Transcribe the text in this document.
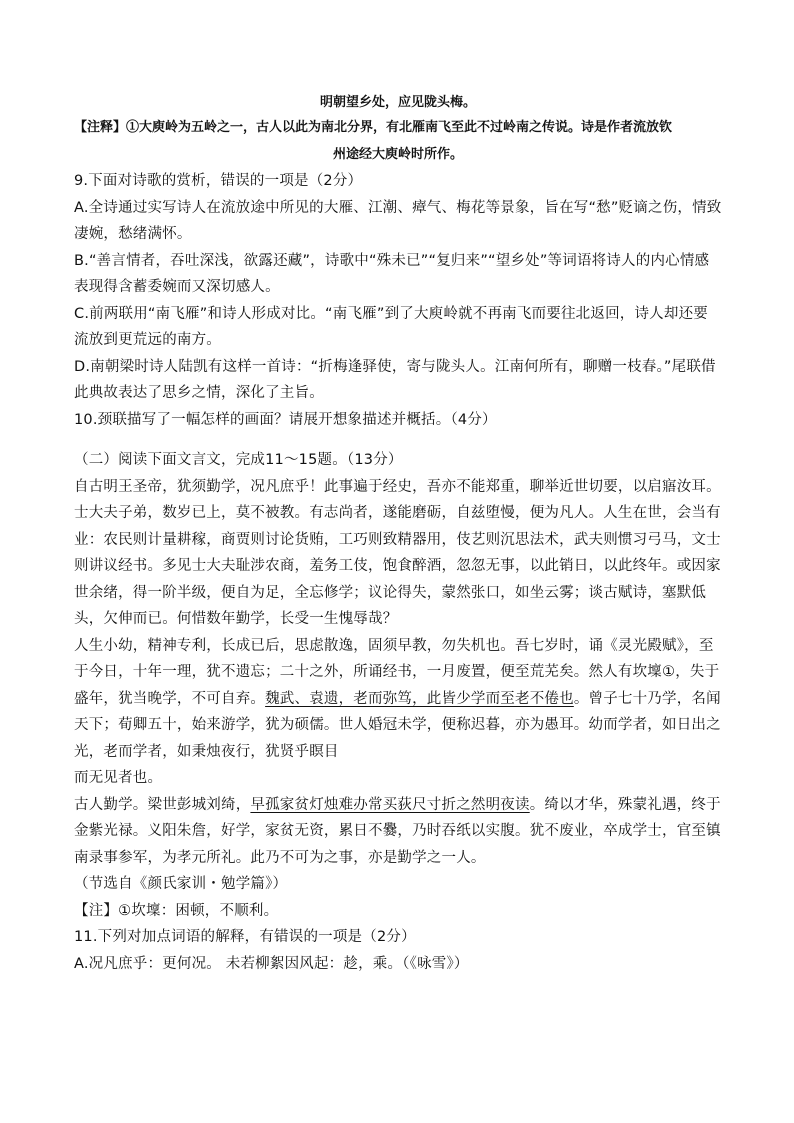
明朝望乡处，应见陇头梅。
【注释】①大庾岭为五岭之一，古人以此为南北分界，有北雁南飞至此不过岭南之传说。诗是作者流放钦
州途经大庾岭时所作。

9.下面对诗歌的赏析，错误的一项是（2分）

A.全诗通过实写诗人在流放途中所见的大雁、江潮、瘴气、梅花等景象，旨在写“愁”贬谪之伤，情致凄婉，愁绪满怀。

B.“善言情者，吞吐深浅，欲露还藏”，诗歌中“殊未已”“复归来”“望乡处”等词语将诗人的内心情感表现得含蓄委婉而又深切感人。

C.前两联用“南飞雁”和诗人形成对比。“南飞雁”到了大庾岭就不再南飞而要往北返回，诗人却还要流放到更荒远的南方。

D.南朝梁时诗人陆凯有这样一首诗：“折梅逢驿使，寄与陇头人。江南何所有，聊赠一枝春。”尾联借此典故表达了思乡之情，深化了主旨。

10.颈联描写了一幅怎样的画面？请展开想象描述并概括。（4分）

（二）阅读下面文言文，完成11～15题。（13分）

自古明王圣帝，犹须勤学，况凡庶乎！此事遍于经史，吾亦不能郑重，聊举近世切要，以启寤汝耳。士大夫子弟，数岁已上，莫不被教。有志尚者，遂能磨砺，自兹堕慢，便为凡人。人生在世，会当有业：农民则计量耕稼，商贾则讨论货贿，工巧则致精器用，伎艺则沉思法术，武夫则惯习弓马，文士则讲议经书。多见士大夫耻涉农商，羞务工伎，饱食醉酒，忽忽无事，以此销日，以此终年。或因家世余绪，得一阶半级，便自为足，全忘修学；议论得失，蒙然张口，如坐云雾；谈古赋诗，塞默低头，欠伸而已。何惜数年勤学，长受一生愧辱哉？

人生小幼，精神专利，长成已后，思虑散逸，固须早教，勿失机也。吾七岁时，诵《灵光殿赋》，至于今日，十年一理，犹不遗忘；二十之外，所诵经书，一月废置，便至荒芜矣。然人有坎壈①，失于盛年，犹当晚学，不可自弃。魏武、袁遗，老而弥笃，此皆少学而至老不倦也。曾子七十乃学，名闻天下；荀卿五十，始来游学，犹为硕儒。世人婚冠未学，便称迟暮，亦为愚耳。幼而学者，如日出之光，老而学者，如秉烛夜行，犹贤乎瞑目

而无见者也。

古人勤学。梁世彭城刘绮，早孤家贫灯烛难办常买荻尺寸折之然明夜读。绮以才华，殊蒙礼遇，终于金紫光禄。义阳朱詹，好学，家贫无资，累日不爨，乃时吞纸以实腹。犹不废业，卒成学士，官至镇南录事参军，为孝元所礼。此乃不可为之事，亦是勤学之一人。

（节选自《颜氏家训・勉学篇》）

【注】①坎壈：困顿，不顺利。

11.下列对加点词语的解释，有错误的一项是（2分）

A.况凡庶乎：更何况。 未若柳絮因风起：趁，乘。（《咏雪》）
